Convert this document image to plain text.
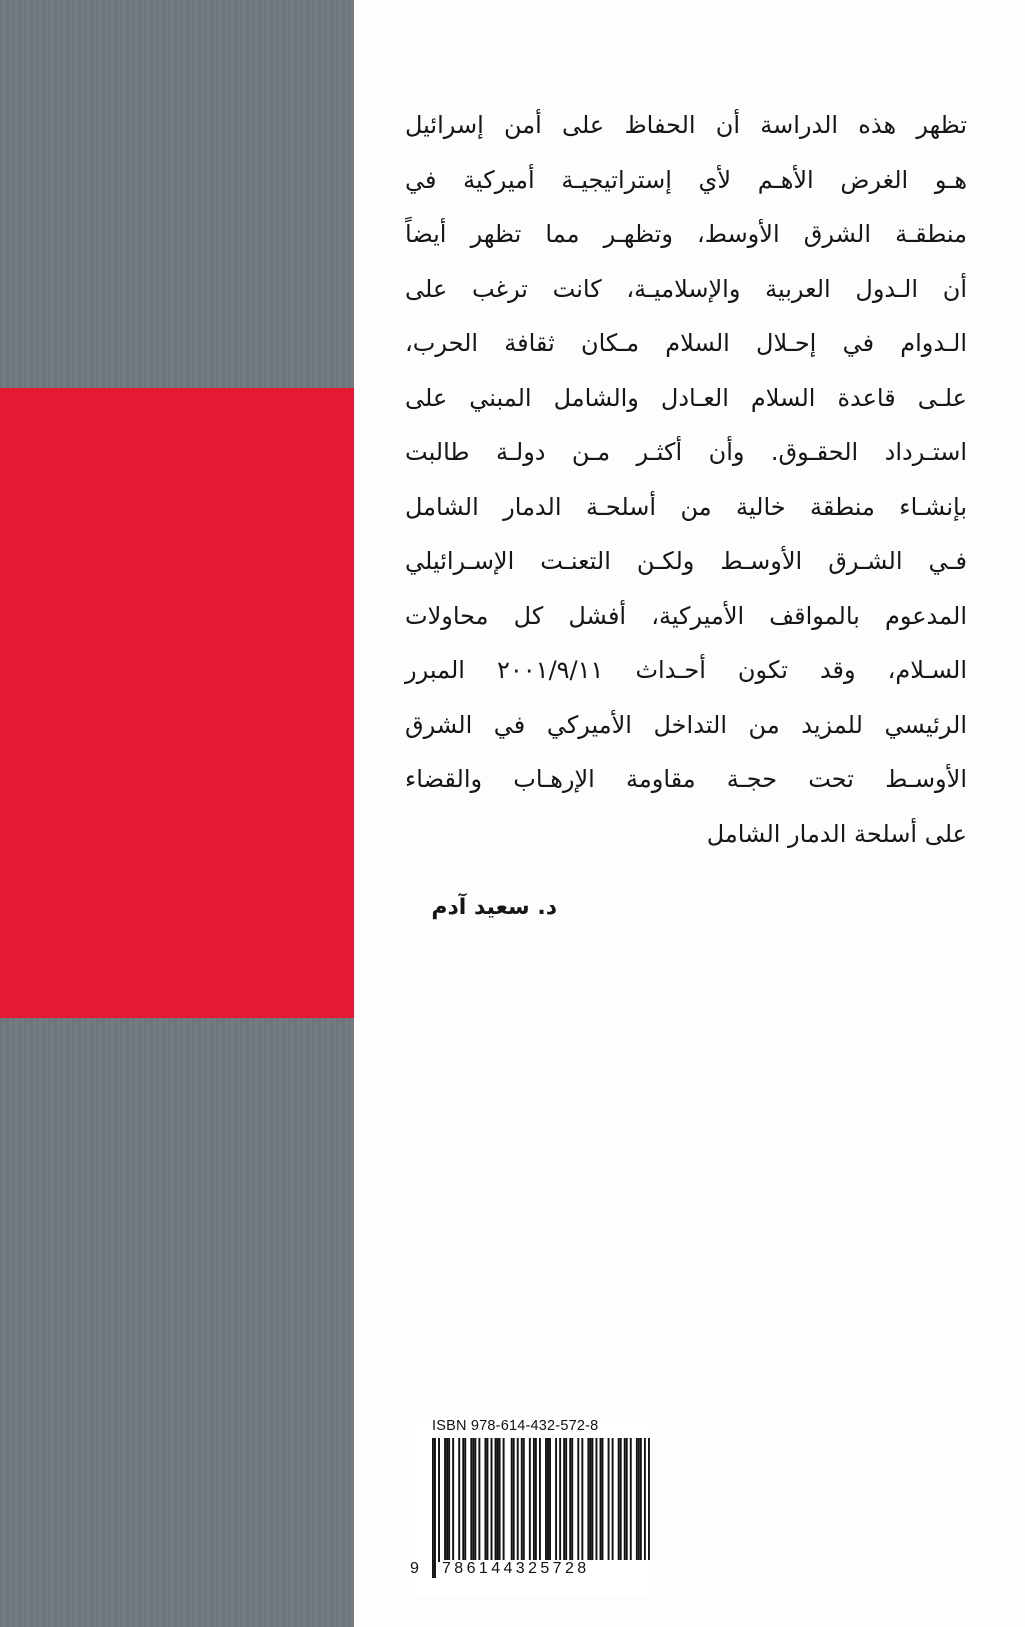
تظهر هذه الدراسة أن الحفاظ على أمن إسرائيل
هـو الغرض الأهـم لأي إستراتيجيـة أميركية في
منطقـة الشرق الأوسط، وتظهـر مما تظهر أيضاً
أن الـدول العربية والإسلاميـة، كانت ترغب على
الـدوام في إحـلال السلام مـكان ثقافة الحرب،
علـى قاعدة السلام العـادل والشامل المبني على
استـرداد الحقـوق. وأن أكثـر مـن دولـة طالبت
بإنشـاء منطقة خالية من أسلحـة الدمار الشامل
فـي الشـرق الأوسـط ولكـن التعنـت الإسـرائيلي
المدعوم بالمواقف الأميركية، أفشل كل محاولات
السـلام، وقد تكون أحـداث ٢٠٠١/٩/١١ المبرر
الرئيسي للمزيد من التداخل الأميركي في الشرق
الأوسـط تحت حجـة مقاومة الإرهـاب والقضاء
على أسلحة الدمار الشامل
د. سعيد آدم
ISBN 978-614-432-572-8
9 786144325728
